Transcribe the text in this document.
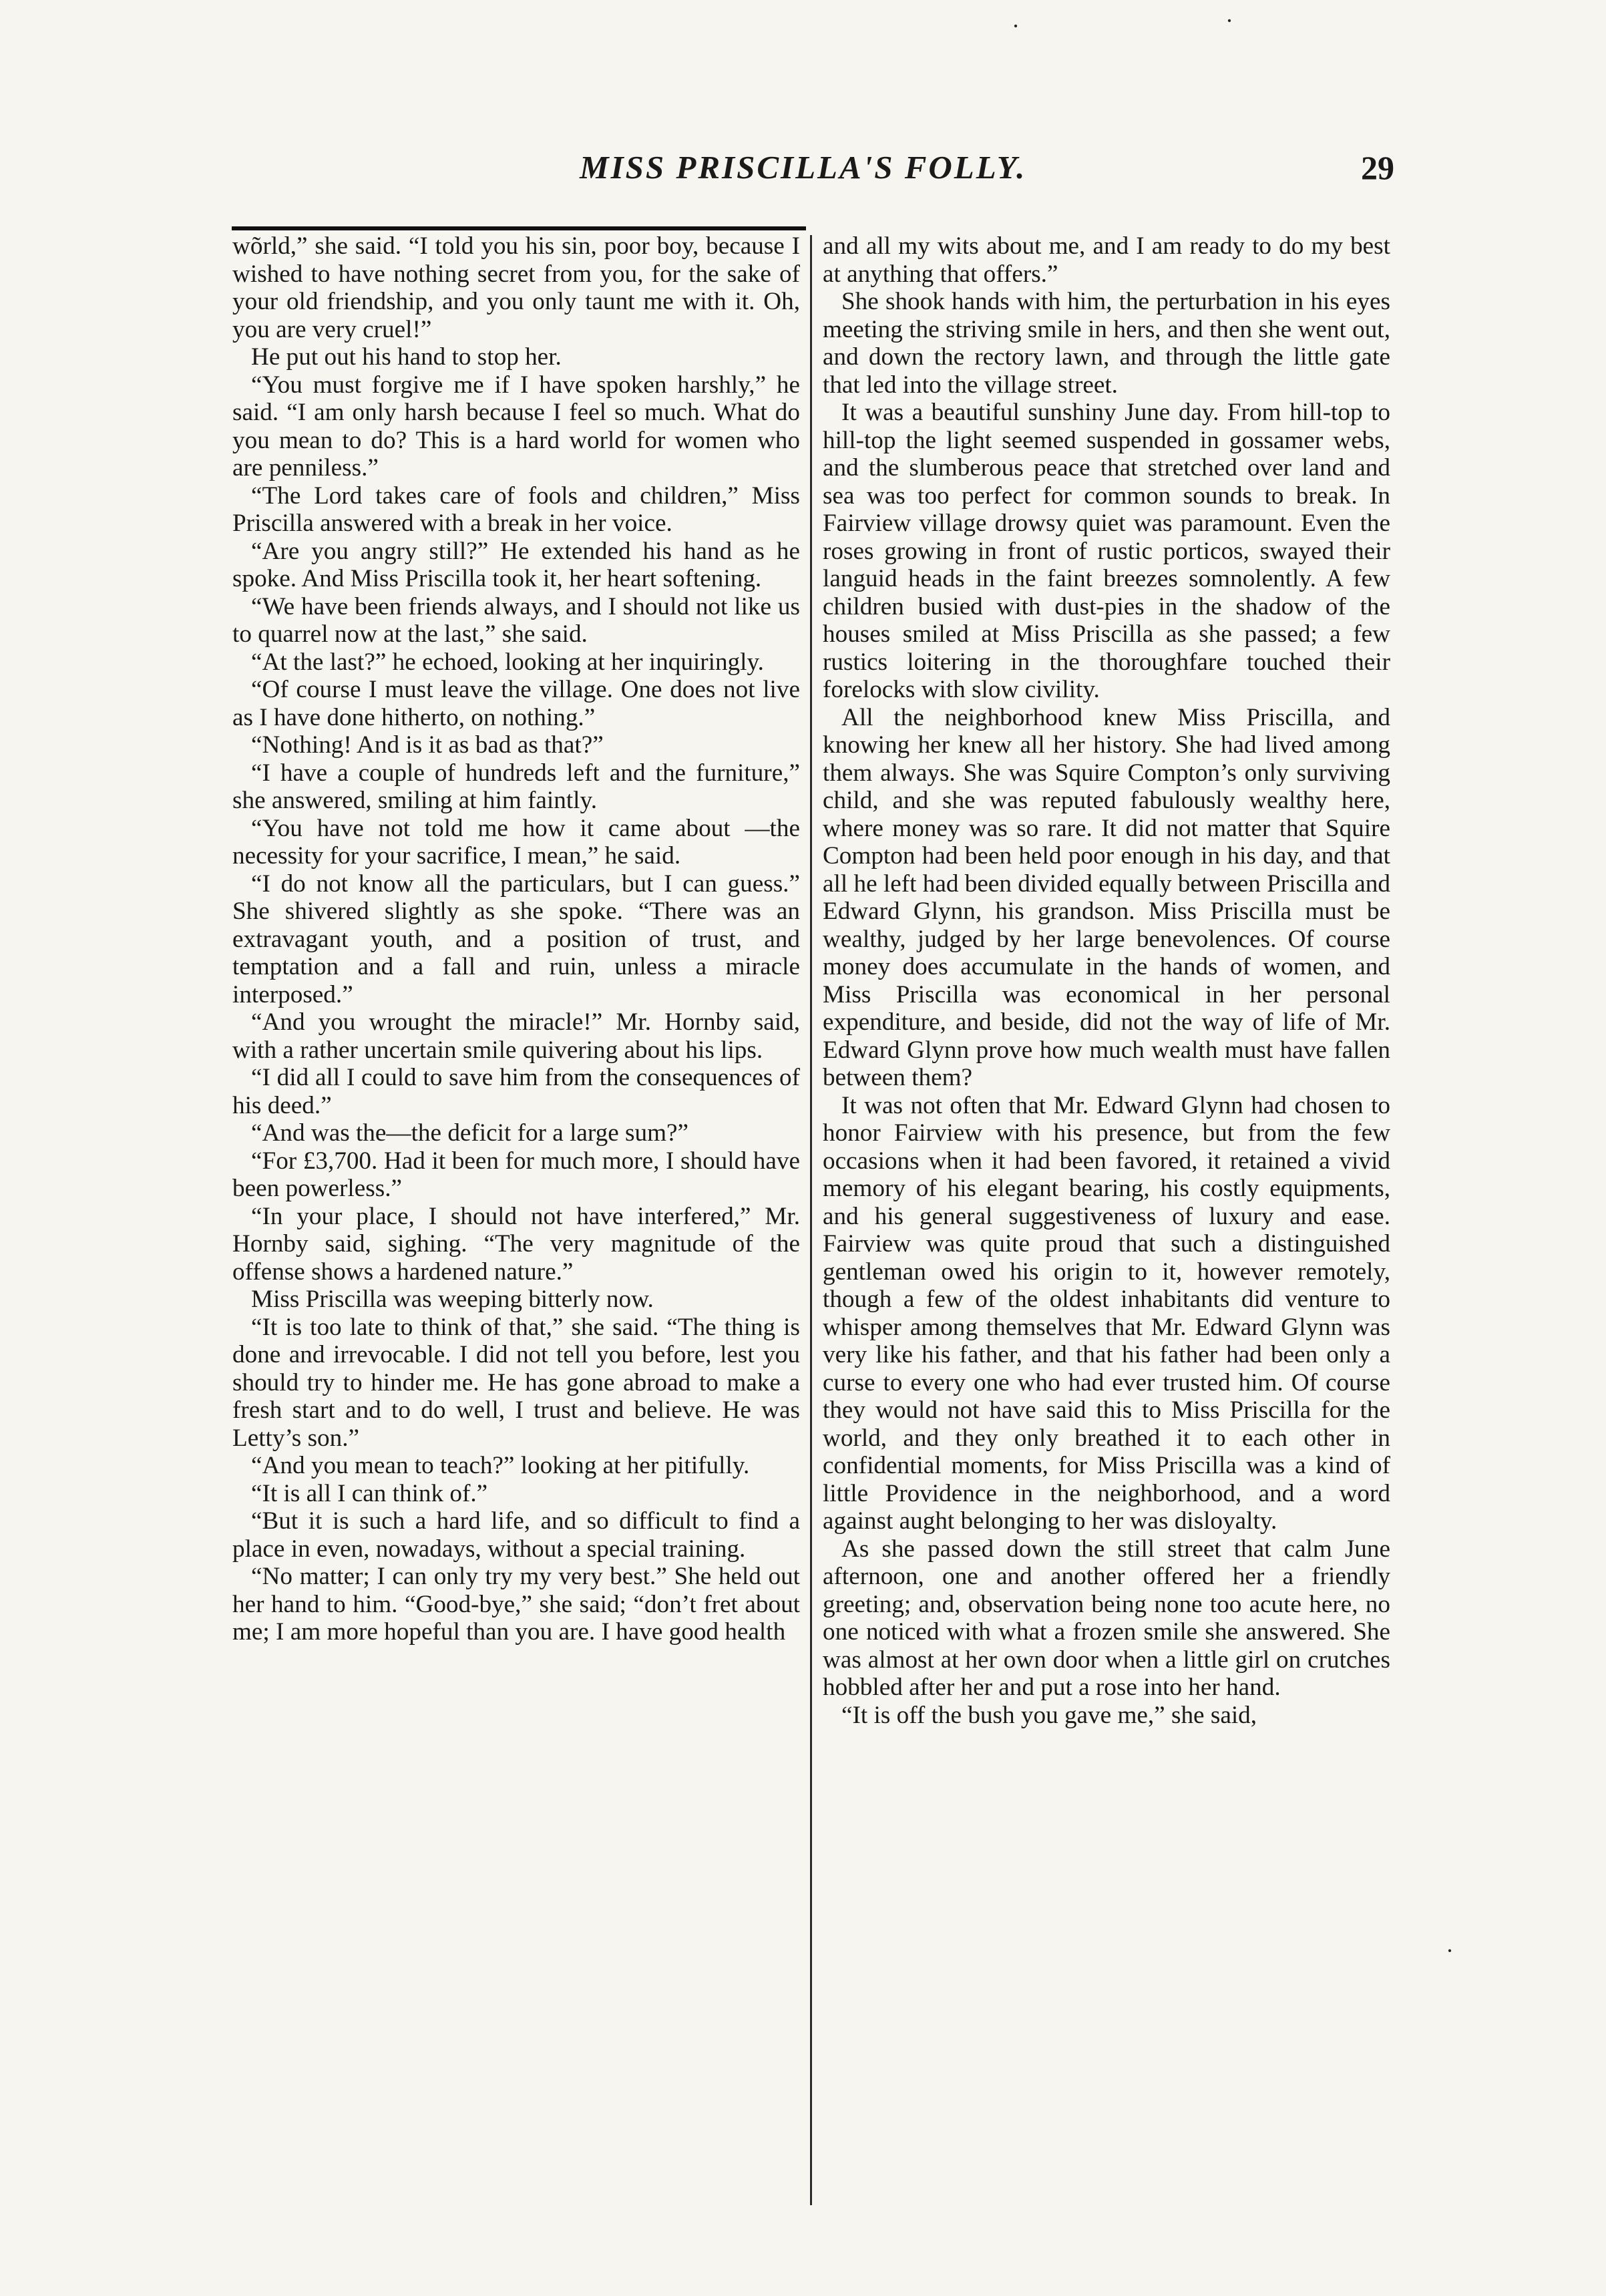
MISS PRISCILLA'S FOLLY.	29

wõrld,” she said. “I told you his sin, poor boy, because I wished to have nothing secret from you, for the sake of your old friendship, and you only taunt me with it. Oh, you are very cruel!”

He put out his hand to stop her.

“You must forgive me if I have spoken harshly,” he said. “I am only harsh because I feel so much. What do you mean to do? This is a hard world for women who are penniless.”

“The Lord takes care of fools and children,” Miss Priscilla answered with a break in her voice.

“Are you angry still?” He extended his hand as he spoke. And Miss Priscilla took it, her heart softening.

“We have been friends always, and I should not like us to quarrel now at the last,” she said.

“At the last?” he echoed, looking at her inquiringly.

“Of course I must leave the village. One does not live as I have done hitherto, on nothing.”

“Nothing! And is it as bad as that?”

“I have a couple of hundreds left and the furniture,” she answered, smiling at him faintly.

“You have not told me how it came about —the necessity for your sacrifice, I mean,” he said.

“I do not know all the particulars, but I can guess.” She shivered slightly as she spoke. “There was an extravagant youth, and a position of trust, and temptation and a fall and ruin, unless a miracle interposed.”

“And you wrought the miracle!” Mr. Hornby said, with a rather uncertain smile quivering about his lips.

“I did all I could to save him from the consequences of his deed.”

“And was the—the deficit for a large sum?”

“For £3,700. Had it been for much more, I should have been powerless.”

“In your place, I should not have interfered,” Mr. Hornby said, sighing. “The very magnitude of the offense shows a hardened nature.”

Miss Priscilla was weeping bitterly now.

“It is too late to think of that,” she said. “The thing is done and irrevocable. I did not tell you before, lest you should try to hinder me. He has gone abroad to make a fresh start and to do well, I trust and believe. He was Letty’s son.”

“And you mean to teach?” looking at her pitifully.

“It is all I can think of.”

“But it is such a hard life, and so difficult to find a place in even, nowadays, without a special training.

“No matter; I can only try my very best.” She held out her hand to him. “Good-bye,” she said; “don’t fret about me; I am more hopeful than you are. I have good health

and all my wits about me, and I am ready to do my best at anything that offers.”

She shook hands with him, the perturbation in his eyes meeting the striving smile in hers, and then she went out, and down the rectory lawn, and through the little gate that led into the village street.

It was a beautiful sunshiny June day. From hill-top to hill-top the light seemed suspended in gossamer webs, and the slumberous peace that stretched over land and sea was too perfect for common sounds to break. In Fairview village drowsy quiet was paramount. Even the roses growing in front of rustic porticos, swayed their languid heads in the faint breezes somnolently. A few children busied with dust-pies in the shadow of the houses smiled at Miss Priscilla as she passed; a few rustics loitering in the thoroughfare touched their forelocks with slow civility.

All the neighborhood knew Miss Priscilla, and knowing her knew all her history. She had lived among them always. She was Squire Compton’s only surviving child, and she was reputed fabulously wealthy here, where money was so rare. It did not matter that Squire Compton had been held poor enough in his day, and that all he left had been divided equally between Priscilla and Edward Glynn, his grandson. Miss Priscilla must be wealthy, judged by her large benevolences. Of course money does accumulate in the hands of women, and Miss Priscilla was economical in her personal expenditure, and beside, did not the way of life of Mr. Edward Glynn prove how much wealth must have fallen between them?

It was not often that Mr. Edward Glynn had chosen to honor Fairview with his presence, but from the few occasions when it had been favored, it retained a vivid memory of his elegant bearing, his costly equipments, and his general suggestiveness of luxury and ease. Fairview was quite proud that such a distinguished gentleman owed his origin to it, however remotely, though a few of the oldest inhabitants did venture to whisper among themselves that Mr. Edward Glynn was very like his father, and that his father had been only a curse to every one who had ever trusted him. Of course they would not have said this to Miss Priscilla for the world, and they only breathed it to each other in confidential moments, for Miss Priscilla was a kind of little Providence in the neighborhood, and a word against aught belonging to her was disloyalty.

As she passed down the still street that calm June afternoon, one and another offered her a friendly greeting; and, observation being none too acute here, no one noticed with what a frozen smile she answered. She was almost at her own door when a little girl on crutches hobbled after her and put a rose into her hand.

“It is off the bush you gave me,” she said,

·	·
·
